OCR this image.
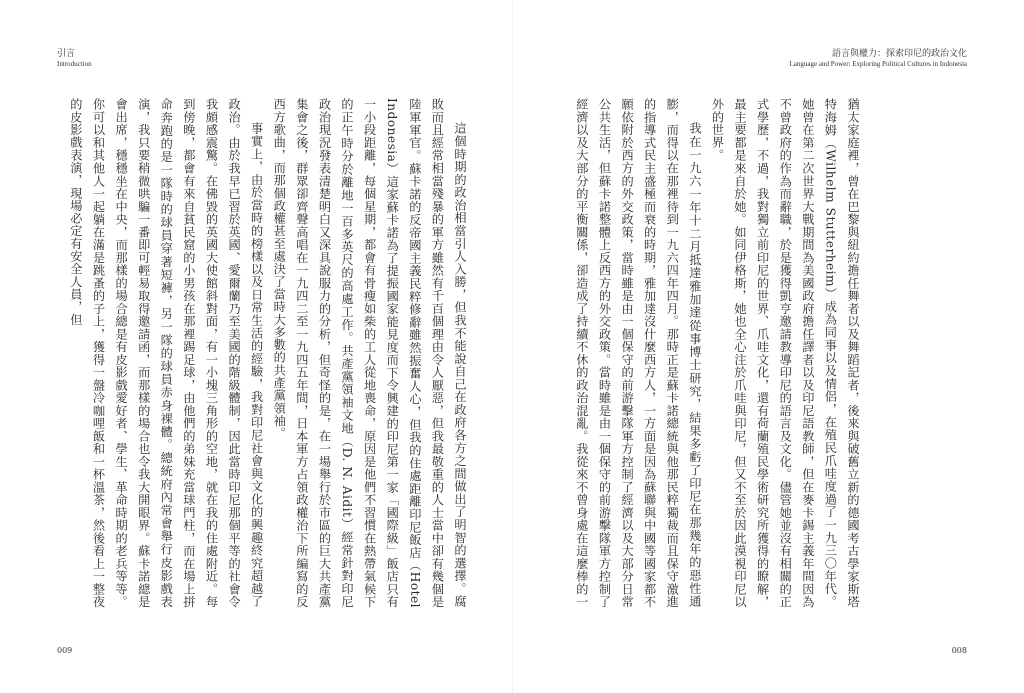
引言
Introduction
語言與權力：探索印尼的政治文化
Language and Power: Exploring Political Cultures in Indonesia

這個時期的政治相當引人入勝，但我不能說自己在政府各方之間做出了明智的選擇。腐敗而且經常相當殘暴的軍方雖然有千百個理由令人厭惡，但我最敬重的人士當中卻有幾個是陸軍軍官。蘇卡諾的反帝國主義民粹修辭雖然振奮人心，但我的住處距離印尼飯店（Hotel Indonesia）這家蘇卡諾為了提振國家能見度而下令興建的印尼第一家「國際級」飯店只有一小段距離，每個星期，都會有骨瘦如柴的工人從地喪命，原因是他們不習慣在熱帶氣候下的正午時分於離地一百多英尺的高處工作。共產黨領袖文地（D. N. Aidit）經常針對印尼政治現況發表清楚明白又深具說服力的分析，但奇怪的是，在一場舉行於市區的巨大共產黨集會之後，群眾卻齊聲高唱在一九四二至一九四五年間，日本軍方占領政權治下所編寫的反西方歌曲，而那個政權甚至處決了當時大多數的共產黨領袖。

事實上，由於當時的榜樣以及日常生活的經驗，我對印尼社會與文化的興趣終究超越了政治。由於我早已習於英國、愛爾蘭乃至美國的階級體制，因此當時印尼那個平等的社會令我頗感震驚。在佛毀的英國大使館斜對面，有一小塊三角形的空地，就在我的住處附近。每到傍晚，都會有來自貧民窟的小男孩在那裡踢足球，由他們的弟妹充當球門柱，而在場上拼命奔跑的是一隊時的球員穿著短褲，另一隊的球員赤身裸體。總統府內常會舉行皮影戲表演，我只要稍微哄騙一番即可輕易取得邀請函，而那樣的場合也令我大開眼界。蘇卡諾總是會出席，穩穩坐在中央，而那樣的場合總是有皮影戲愛好者、學生、革命時期的老兵等等。你可以和其他人一起躺在滿是跳蚤的子上，獲得一盤冷咖哩飯和一杯溫茶，然後看上一整夜的皮影戲表演，現場必定有安全人員，但	猶太家庭裡，曾在巴黎與紐約擔任舞者以及舞蹈記者，後來與破舊立新的德國考古學家斯塔特海姆（Wilhelm Stutterheim）成為同事以及情侶，在殖民爪哇度過了一九三〇年代。她曾在第二次世界大戰期間為美國政府擔任譯者以及印尼語教師，但在麥卡錫主義年間因為不曾政府的作為而辭職，於是獲得凱亨邀請教導印尼的語言及文化。儘管她並沒有相關的正式學歷，不過，我對獨立前印尼的世界、爪哇文化，還有荷蘭殖民學術研究所獲得的瞭解，最主要都是來自於她。如同伊格斯，她也全心注於爪哇與印尼，但又不至於因此漠視印尼以外的世界。

我在一九六一年十二月抵達雅加達從事博士研究，結果多虧了印尼在那幾年的惡性通膨，而得以在那裡待到一九六四年四月。那時正是蘇卡諾總統與他那民粹獨裁而且保守激進的指導式民主盛極而衰的時期，雅加達沒什麼西方人，一方面是因為蘇聯與中國等國家都不願依附於西方的外交政策，當時雖是由一個保守的前游擊隊軍方控制了經濟以及大部分日常公共生活，但蘇卡諾整體上反西方的外交政策。當時雖是由一個保守的前游擊隊軍方控制了經濟以及大部分的平衡關係，卻造成了持續不休的政治混亂。我從來不曾身處在這麼棒的一

009	008
